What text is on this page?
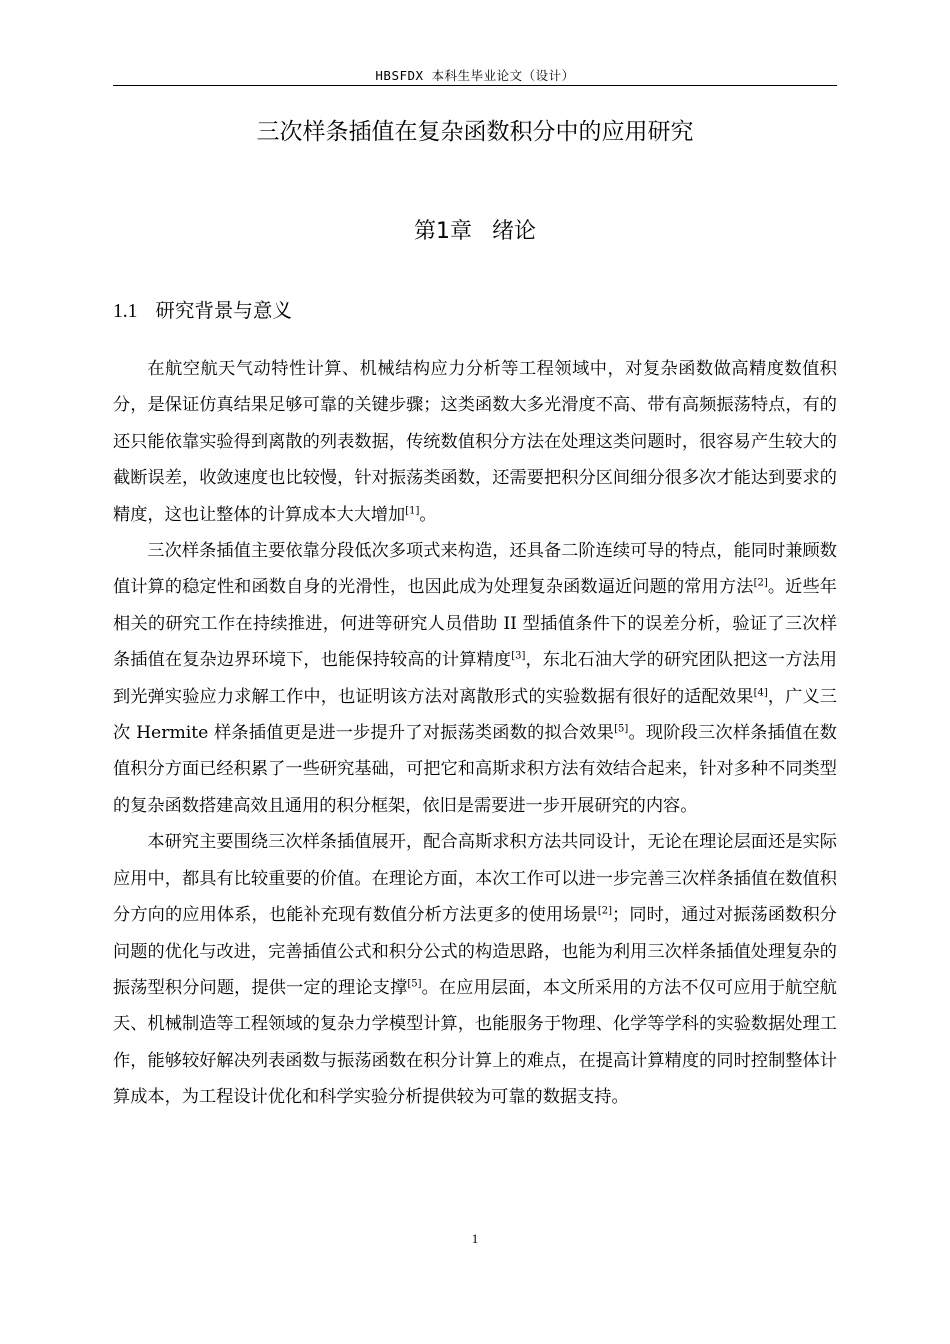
HBSFDX 本科生毕业论文（设计）
三次样条插值在复杂函数积分中的应用研究
第1章 绪论
1.1 研究背景与意义

在航空航天气动特性计算、机械结构应力分析等工程领域中，对复杂函数做高精度数值积分，是保证仿真结果足够可靠的关键步骤；这类函数大多光滑度不高、带有高频振荡特点，有的还只能依靠实验得到离散的列表数据，传统数值积分方法在处理这类问题时，很容易产生较大的截断误差，收敛速度也比较慢，针对振荡类函数，还需要把积分区间细分很多次才能达到要求的精度，这也让整体的计算成本大大增加[1]。

三次样条插值主要依靠分段低次多项式来构造，还具备二阶连续可导的特点，能同时兼顾数值计算的稳定性和函数自身的光滑性，也因此成为处理复杂函数逼近问题的常用方法[2]。近些年相关的研究工作在持续推进，何进等研究人员借助 II 型插值条件下的误差分析，验证了三次样条插值在复杂边界环境下，也能保持较高的计算精度[3]，东北石油大学的研究团队把这一方法用到光弹实验应力求解工作中，也证明该方法对离散形式的实验数据有很好的适配效果[4]，广义三次 Hermite 样条插值更是进一步提升了对振荡类函数的拟合效果[5]。现阶段三次样条插值在数值积分方面已经积累了一些研究基础，可把它和高斯求积方法有效结合起来，针对多种不同类型的复杂函数搭建高效且通用的积分框架，依旧是需要进一步开展研究的内容。

本研究主要围绕三次样条插值展开，配合高斯求积方法共同设计，无论在理论层面还是实际应用中，都具有比较重要的价值。在理论方面，本次工作可以进一步完善三次样条插值在数值积分方向的应用体系，也能补充现有数值分析方法更多的使用场景[2]；同时，通过对振荡函数积分问题的优化与改进，完善插值公式和积分公式的构造思路，也能为利用三次样条插值处理复杂的振荡型积分问题，提供一定的理论支撑[5]。在应用层面，本文所采用的方法不仅可应用于航空航天、机械制造等工程领域的复杂力学模型计算，也能服务于物理、化学等学科的实验数据处理工作，能够较好解决列表函数与振荡函数在积分计算上的难点，在提高计算精度的同时控制整体计算成本，为工程设计优化和科学实验分析提供较为可靠的数据支持。

1
